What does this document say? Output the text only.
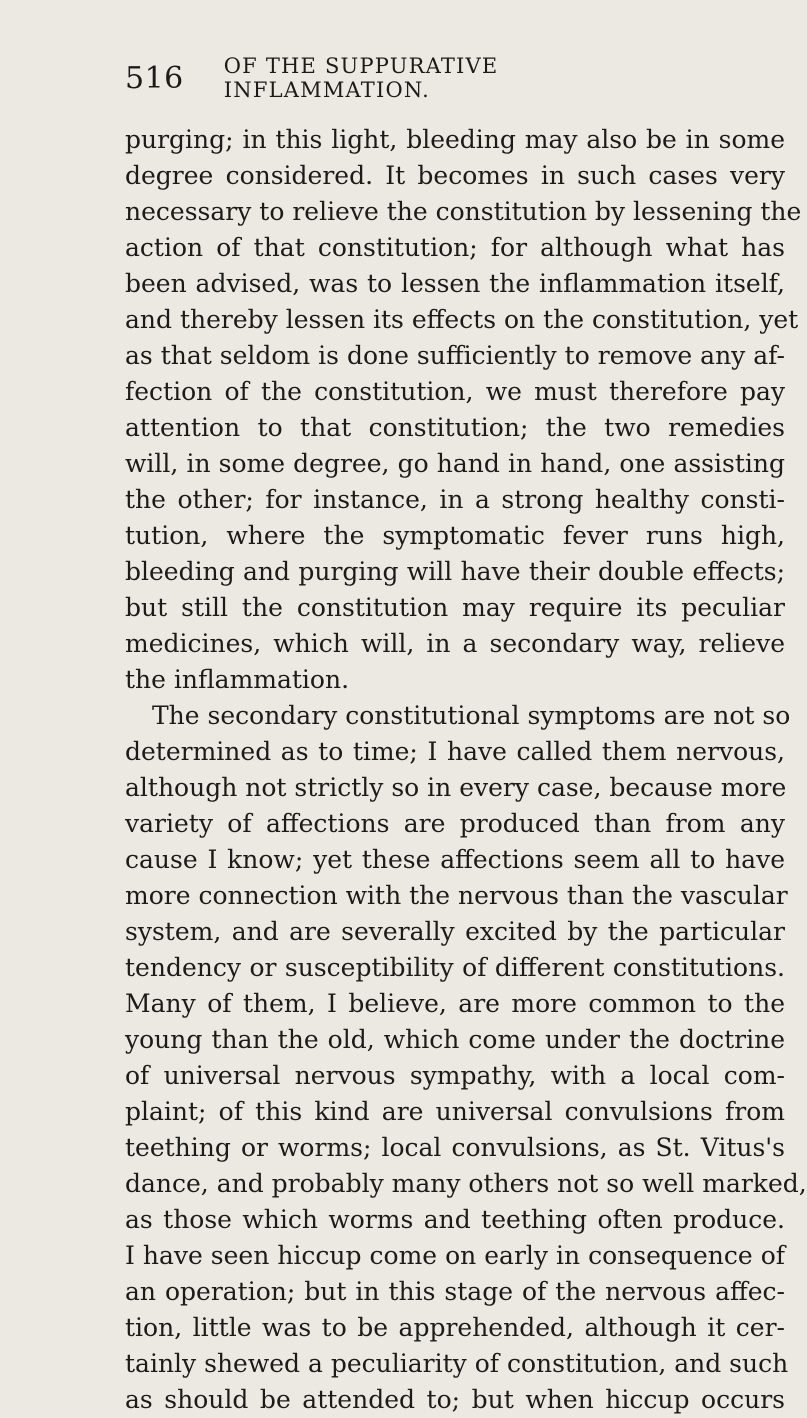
516 OF THE SUPPURATIVE INFLAMMATION.
purging; in this light, bleeding may also be in some
degree considered. It becomes in such cases very
necessary to relieve the constitution by lessening the
action of that constitution; for although what has
been advised, was to lessen the inflammation itself,
and thereby lessen its effects on the constitution, yet
as that seldom is done sufficiently to remove any af-
fection of the constitution, we must therefore pay
attention to that constitution; the two remedies
will, in some degree, go hand in hand, one assisting
the other; for instance, in a strong healthy consti-
tution, where the symptomatic fever runs high,
bleeding and purging will have their double effects;
but still the constitution may require its peculiar
medicines, which will, in a secondary way, relieve
the inflammation.
The secondary constitutional symptoms are not so
determined as to time; I have called them nervous,
although not strictly so in every case, because more
variety of affections are produced than from any
cause I know; yet these affections seem all to have
more connection with the nervous than the vascular
system, and are severally excited by the particular
tendency or susceptibility of different constitutions.
Many of them, I believe, are more common to the
young than the old, which come under the doctrine
of universal nervous sympathy, with a local com-
plaint; of this kind are universal convulsions from
teething or worms; local convulsions, as St. Vitus's
dance, and probably many others not so well marked,
as those which worms and teething often produce.
I have seen hiccup come on early in consequence of
an operation; but in this stage of the nervous affec-
tion, little was to be apprehended, although it cer-
tainly shewed a peculiarity of constitution, and such
as should be attended to; but when hiccup occurs
